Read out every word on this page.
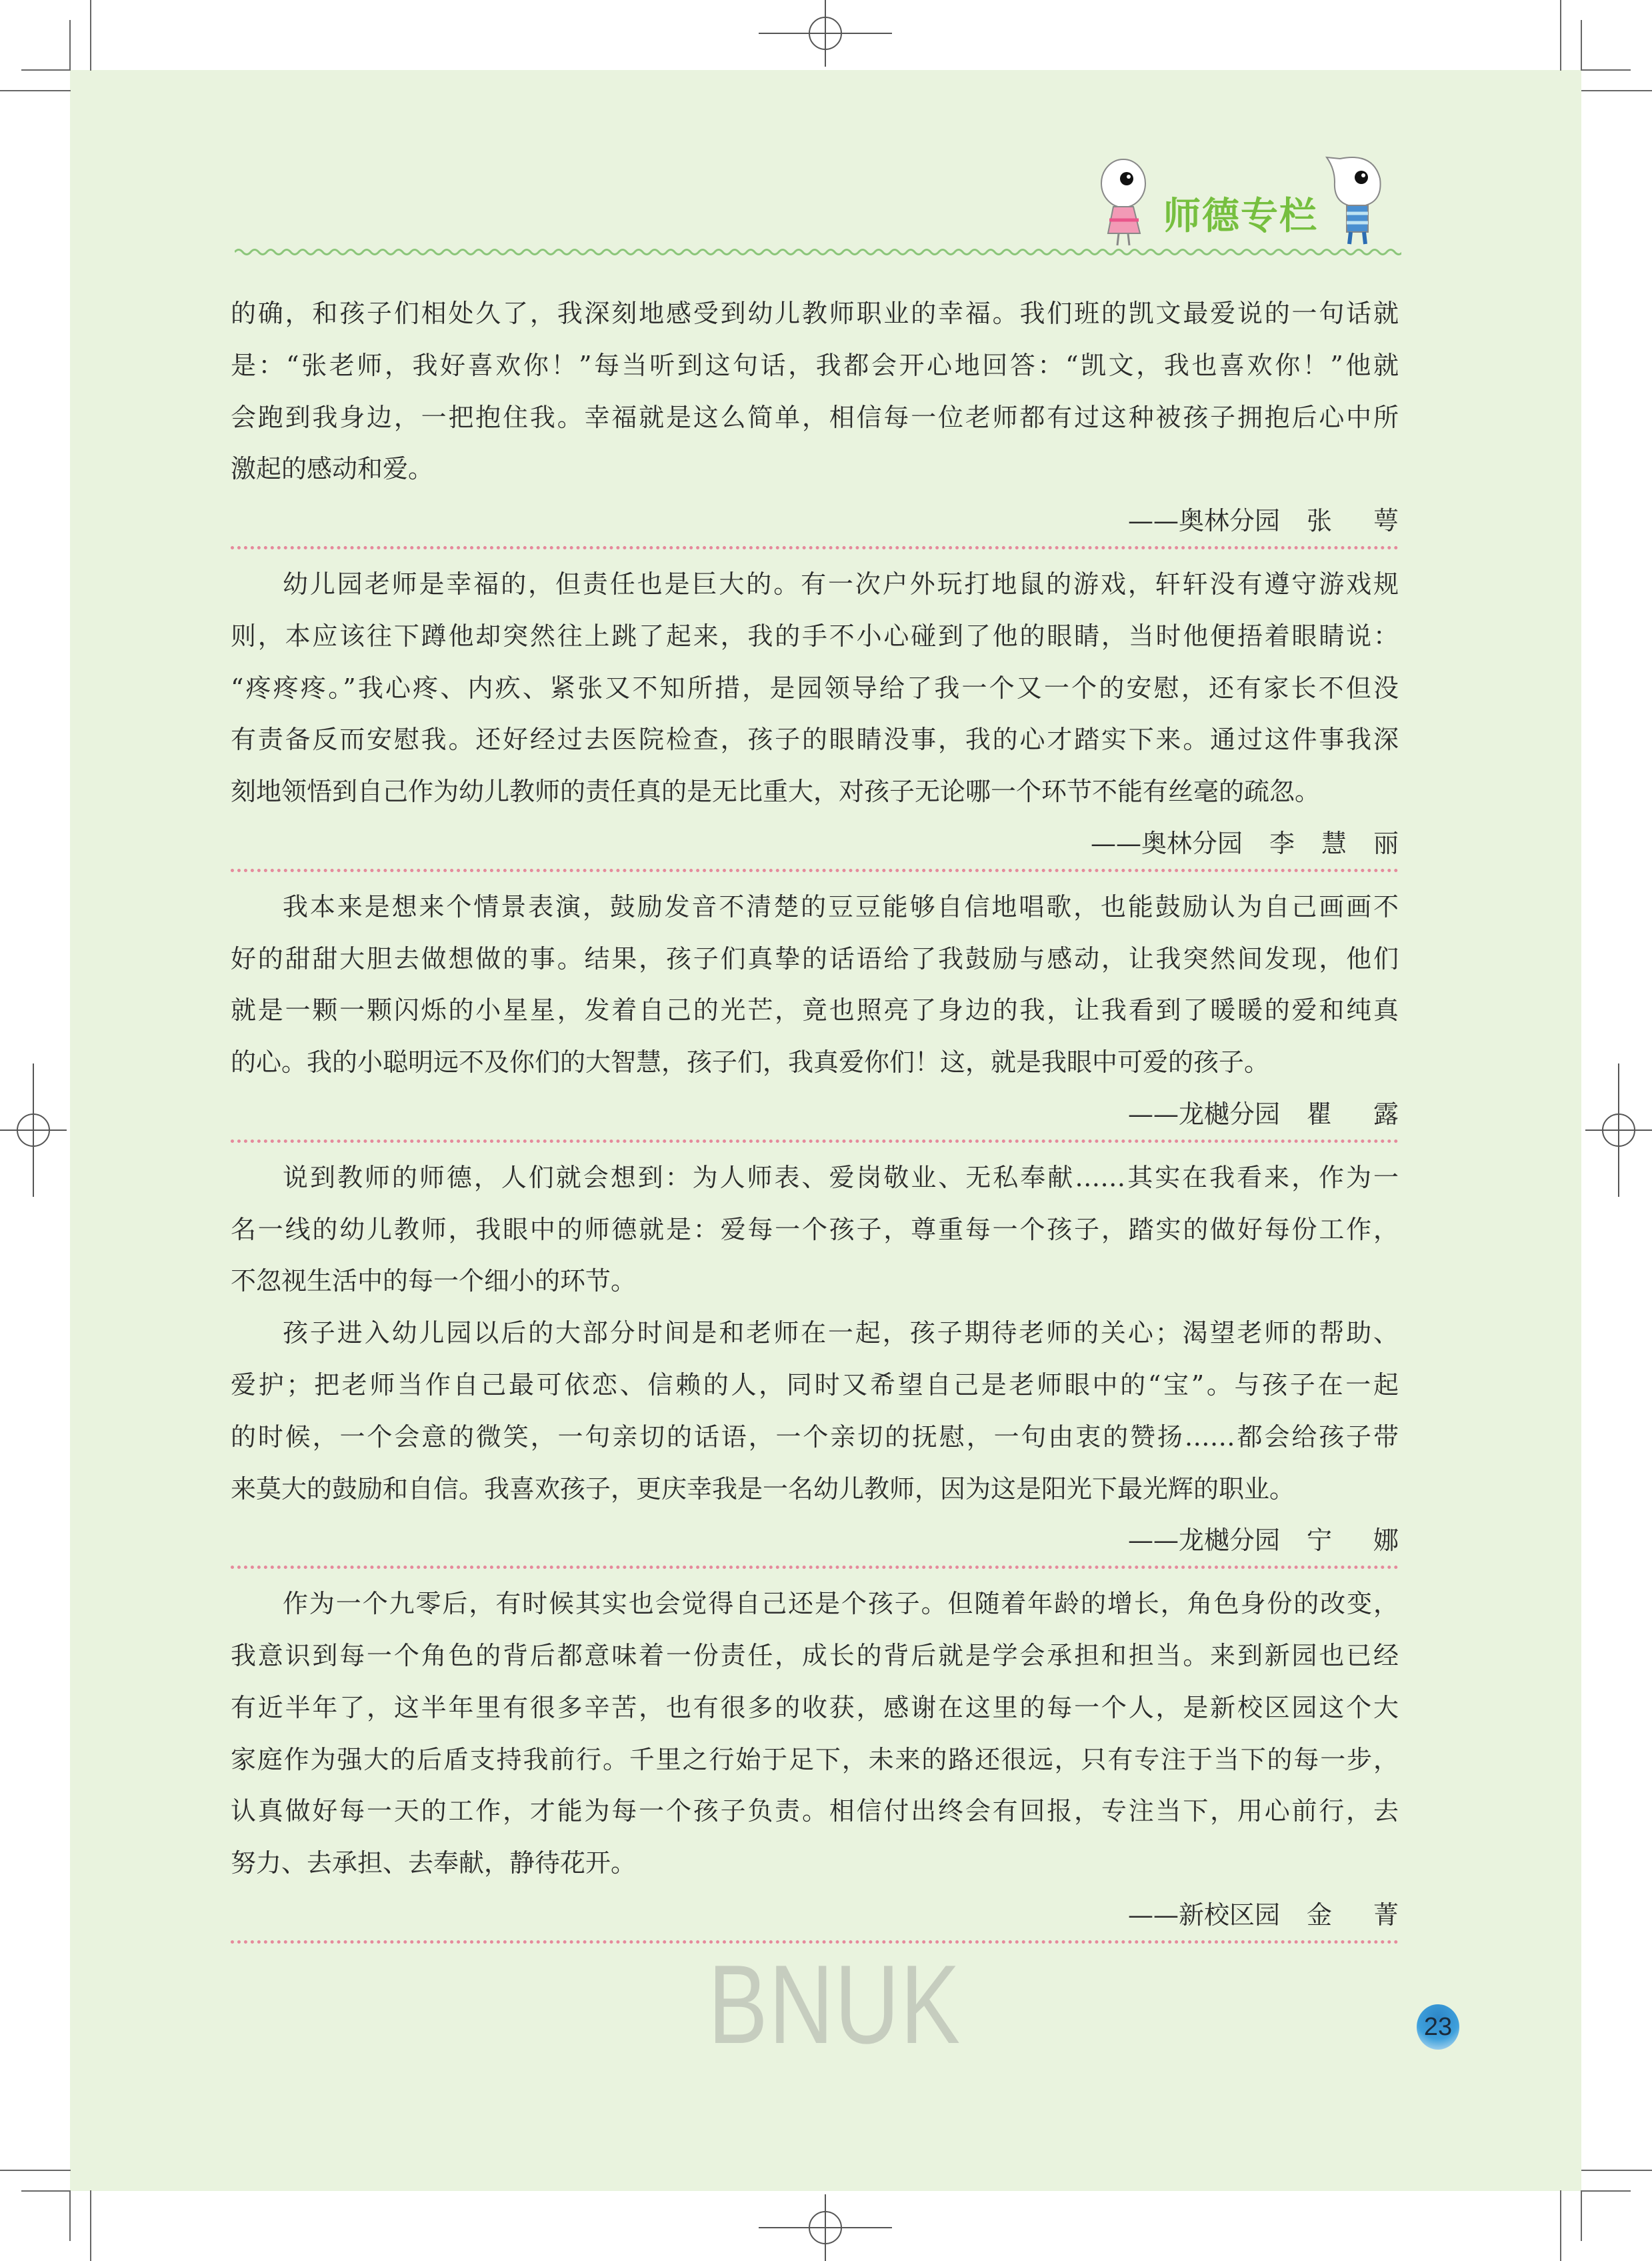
师德专栏
的确，和孩子们相处久了，我深刻地感受到幼儿教师职业的幸福。我们班的凯文最爱说的一句话就
是：“张老师，我好喜欢你！”每当听到这句话，我都会开心地回答：“凯文，我也喜欢你！”他就
会跑到我身边，一把抱住我。幸福就是这么简单，相信每一位老师都有过这种被孩子拥抱后心中所
激起的感动和爱。
——奥林分园 张萼
幼儿园老师是幸福的，但责任也是巨大的。有一次户外玩打地鼠的游戏，轩轩没有遵守游戏规
则，本应该往下蹲他却突然往上跳了起来，我的手不小心碰到了他的眼睛，当时他便捂着眼睛说：
“疼疼疼。”我心疼、内疚、紧张又不知所措，是园领导给了我一个又一个的安慰，还有家长不但没
有责备反而安慰我。还好经过去医院检查，孩子的眼睛没事，我的心才踏实下来。通过这件事我深
刻地领悟到自己作为幼儿教师的责任真的是无比重大，对孩子无论哪一个环节不能有丝毫的疏忽。
——奥林分园 李慧丽
我本来是想来个情景表演，鼓励发音不清楚的豆豆能够自信地唱歌，也能鼓励认为自己画画不
好的甜甜大胆去做想做的事。结果，孩子们真挚的话语给了我鼓励与感动，让我突然间发现，他们
就是一颗一颗闪烁的小星星，发着自己的光芒，竟也照亮了身边的我，让我看到了暖暖的爱和纯真
的心。我的小聪明远不及你们的大智慧，孩子们，我真爱你们！这，就是我眼中可爱的孩子。
——龙樾分园 瞿露
说到教师的师德，人们就会想到：为人师表、爱岗敬业、无私奉献……其实在我看来，作为一
名一线的幼儿教师，我眼中的师德就是：爱每一个孩子，尊重每一个孩子，踏实的做好每份工作，
不忽视生活中的每一个细小的环节。
孩子进入幼儿园以后的大部分时间是和老师在一起，孩子期待老师的关心；渴望老师的帮助、
爱护；把老师当作自己最可依恋、信赖的人，同时又希望自己是老师眼中的“宝”。与孩子在一起
的时候，一个会意的微笑，一句亲切的话语，一个亲切的抚慰，一句由衷的赞扬……都会给孩子带
来莫大的鼓励和自信。我喜欢孩子，更庆幸我是一名幼儿教师，因为这是阳光下最光辉的职业。
——龙樾分园 宁娜
作为一个九零后，有时候其实也会觉得自己还是个孩子。但随着年龄的增长，角色身份的改变，
我意识到每一个角色的背后都意味着一份责任，成长的背后就是学会承担和担当。来到新园也已经
有近半年了，这半年里有很多辛苦，也有很多的收获，感谢在这里的每一个人，是新校区园这个大
家庭作为强大的后盾支持我前行。千里之行始于足下，未来的路还很远，只有专注于当下的每一步，
认真做好每一天的工作，才能为每一个孩子负责。相信付出终会有回报，专注当下，用心前行，去
努力、去承担、去奉献，静待花开。
——新校区园 金菁
BNUK	23
